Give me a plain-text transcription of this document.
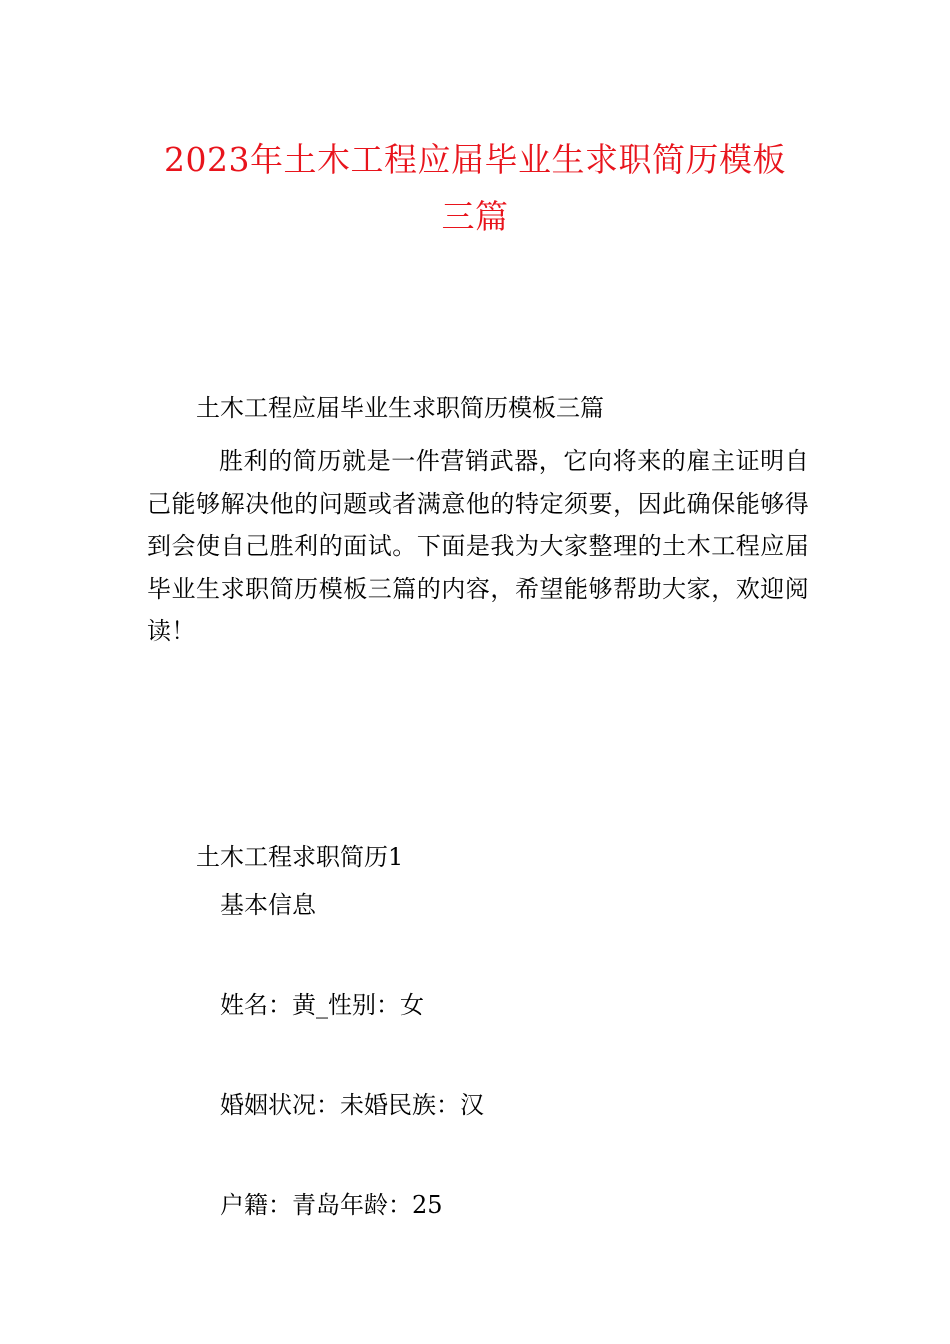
2023年土木工程应届毕业生求职简历模板
三篇
土木工程应届毕业生求职简历模板三篇
胜利的简历就是一件营销武器，它向将来的雇主证明自己能够解决他的问题或者满意他的特定须要，因此确保能够得到会使自己胜利的面试。下面是我为大家整理的土木工程应届毕业生求职简历模板三篇的内容，希望能够帮助大家，欢迎阅读！
土木工程求职简历1
基本信息
姓名：黄_性别：女
婚姻状况：未婚民族：汉
户籍：青岛年龄：25
